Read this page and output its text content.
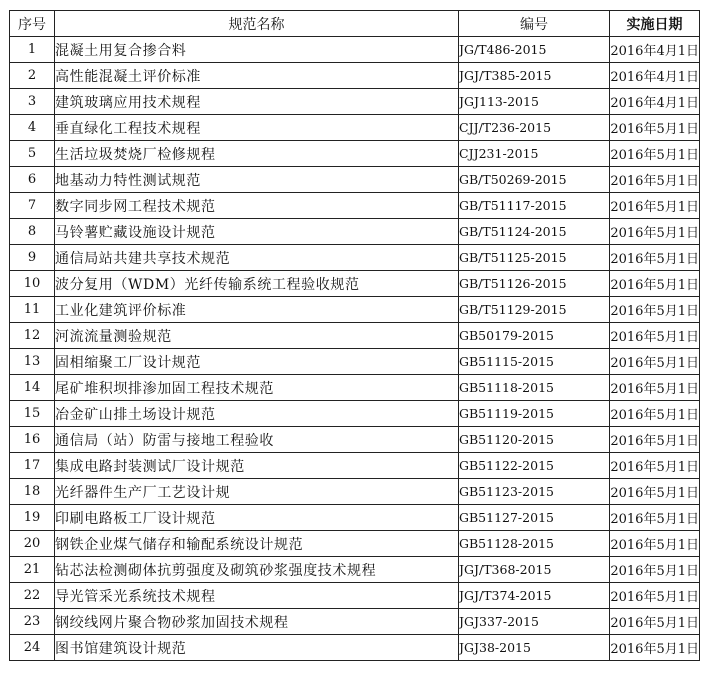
序号	规范名称	编号	实施日期
1	混凝土用复合掺合料	JG/T486-2015	2016年4月1日
2	高性能混凝土评价标准	JGJ/T385-2015	2016年4月1日
3	建筑玻璃应用技术规程	JGJ113-2015	2016年4月1日
4	垂直绿化工程技术规程	CJJ/T236-2015	2016年5月1日
5	生活垃圾焚烧厂检修规程	CJJ231-2015	2016年5月1日
6	地基动力特性测试规范	GB/T50269-2015	2016年5月1日
7	数字同步网工程技术规范	GB/T51117-2015	2016年5月1日
8	马铃薯贮藏设施设计规范	GB/T51124-2015	2016年5月1日
9	通信局站共建共享技术规范	GB/T51125-2015	2016年5月1日
10	波分复用（WDM）光纤传输系统工程验收规范	GB/T51126-2015	2016年5月1日
11	工业化建筑评价标准	GB/T51129-2015	2016年5月1日
12	河流流量测验规范	GB50179-2015	2016年5月1日
13	固相缩聚工厂设计规范	GB51115-2015	2016年5月1日
14	尾矿堆积坝排渗加固工程技术规范	GB51118-2015	2016年5月1日
15	冶金矿山排土场设计规范	GB51119-2015	2016年5月1日
16	通信局（站）防雷与接地工程验收	GB51120-2015	2016年5月1日
17	集成电路封装测试厂设计规范	GB51122-2015	2016年5月1日
18	光纤器件生产厂工艺设计规	GB51123-2015	2016年5月1日
19	印刷电路板工厂设计规范	GB51127-2015	2016年5月1日
20	钢铁企业煤气储存和输配系统设计规范	GB51128-2015	2016年5月1日
21	钻芯法检测砌体抗剪强度及砌筑砂浆强度技术规程	JGJ/T368-2015	2016年5月1日
22	导光管采光系统技术规程	JGJ/T374-2015	2016年5月1日
23	钢绞线网片聚合物砂浆加固技术规程	JGJ337-2015	2016年5月1日
24	图书馆建筑设计规范	JGJ38-2015	2016年5月1日
